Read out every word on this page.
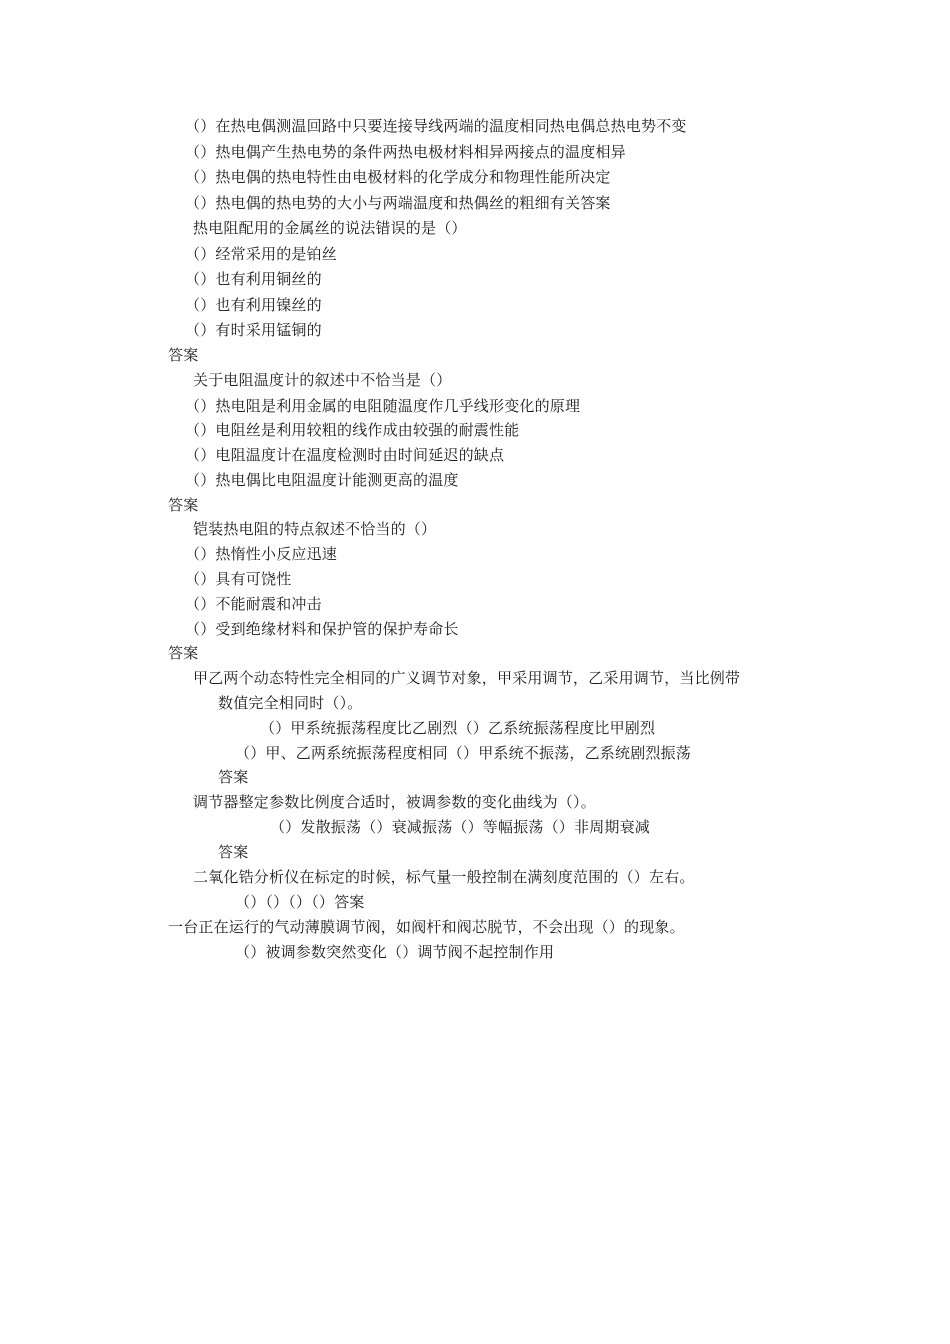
（）在热电偶测温回路中只要连接导线两端的温度相同热电偶总热电势不变
（）热电偶产生热电势的条件两热电极材料相异两接点的温度相异
（）热电偶的热电特性由电极材料的化学成分和物理性能所决定
（）热电偶的热电势的大小与两端温度和热偶丝的粗细有关答案
热电阻配用的金属丝的说法错误的是（）
（）经常采用的是铂丝
（）也有利用铜丝的
（）也有利用镍丝的
（）有时采用锰铜的
答案
关于电阻温度计的叙述中不恰当是（）
（）热电阻是利用金属的电阻随温度作几乎线形变化的原理
（）电阻丝是利用较粗的线作成由较强的耐震性能
（）电阻温度计在温度检测时由时间延迟的缺点
（）热电偶比电阻温度计能测更高的温度
答案
铠装热电阻的特点叙述不恰当的（）
（）热惰性小反应迅速
（）具有可饶性
（）不能耐震和冲击
（）受到绝缘材料和保护管的保护寿命长
答案
甲乙两个动态特性完全相同的广义调节对象，甲采用调节，乙采用调节，当比例带
数值完全相同时（）。
（）甲系统振荡程度比乙剧烈（）乙系统振荡程度比甲剧烈
（）甲、乙两系统振荡程度相同（）甲系统不振荡，乙系统剧烈振荡
答案
调节器整定参数比例度合适时，被调参数的变化曲线为（）。
（）发散振荡（）衰减振荡（）等幅振荡（）非周期衰减
答案
二氧化锆分析仪在标定的时候，标气量一般控制在满刻度范围的（）左右。
（）（）（）（）答案
一台正在运行的气动薄膜调节阀，如阀杆和阀芯脱节，不会出现（）的现象。
（）被调参数突然变化（）调节阀不起控制作用
